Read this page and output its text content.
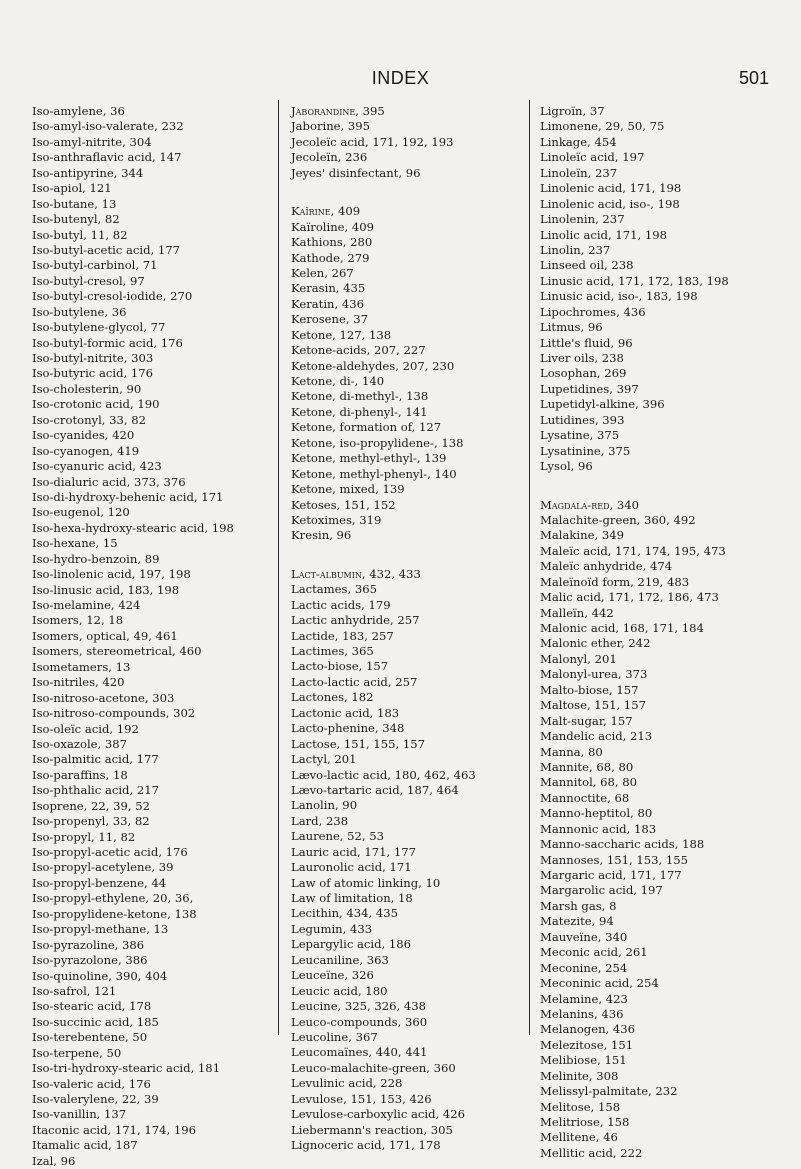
INDEX	501
Iso-amylene, 36
Iso-amyl-iso-valerate, 232
Iso-amyl-nitrite, 304
Iso-anthraflavic acid, 147
Iso-antipyrine, 344
Iso-apiol, 121
Iso-butane, 13
Iso-butenyl, 82
Iso-butyl, 11, 82
Iso-butyl-acetic acid, 177
Iso-butyl-carbinol, 71
Iso-butyl-cresol, 97
Iso-butyl-cresol-iodide, 270
Iso-butylene, 36
Iso-butylene-glycol, 77
Iso-butyl-formic acid, 176
Iso-butyl-nitrite, 303
Iso-butyric acid, 176
Iso-cholesterin, 90
Iso-crotonic acid, 190
Iso-crotonyl, 33, 82
Iso-cyanides, 420
Iso-cyanogen, 419
Iso-cyanuric acid, 423
Iso-dialuric acid, 373, 376
Iso-di-hydroxy-behenic acid, 171
Iso-eugenol, 120
Iso-hexa-hydroxy-stearic acid, 198
Iso-hexane, 15
Iso-hydro-benzoin, 89
Iso-linolenic acid, 197, 198
Iso-linusic acid, 183, 198
Iso-melamine, 424
Isomers, 12, 18
Isomers, optical, 49, 461
Isomers, stereometrical, 460
Isometamers, 13
Iso-nitriles, 420
Iso-nitroso-acetone, 303
Iso-nitroso-compounds, 302
Iso-oleïc acid, 192
Iso-oxazole, 387
Iso-palmitic acid, 177
Iso-paraffins, 18
Iso-phthalic acid, 217
Isoprene, 22, 39, 52
Iso-propenyl, 33, 82
Iso-propyl, 11, 82
Iso-propyl-acetic acid, 176
Iso-propyl-acetylene, 39
Iso-propyl-benzene, 44
Iso-propyl-ethylene, 20, 36,
Iso-propylidene-ketone, 138
Iso-propyl-methane, 13
Iso-pyrazoline, 386
Iso-pyrazolone, 386
Iso-quinoline, 390, 404
Iso-safrol, 121
Iso-stearic acid, 178
Iso-succinic acid, 185
Iso-terebentene, 50
Iso-terpene, 50
Iso-tri-hydroxy-stearic acid, 181
Iso-valeric acid, 176
Iso-valerylene, 22, 39
Iso-vanillin, 137
Itaconic acid, 171, 174, 196
Itamalic acid, 187
Izal, 96
Jaborandine, 395
Jaborine, 395
Jecoleïc acid, 171, 192, 193
Jecoleïn, 236
Jeyes' disinfectant, 96
Kaïrine, 409
Kaïroline, 409
Kathions, 280
Kathode, 279
Kelen, 267
Kerasin, 435
Keratin, 436
Kerosene, 37
Ketone, 127, 138
Ketone-acids, 207, 227
Ketone-aldehydes, 207, 230
Ketone, di-, 140
Ketone, di-methyl-, 138
Ketone, di-phenyl-, 141
Ketone, formation of, 127
Ketone, iso-propylidene-, 138
Ketone, methyl-ethyl-, 139
Ketone, methyl-phenyl-, 140
Ketone, mixed, 139
Ketoses, 151, 152
Ketoximes, 319
Kresin, 96
Lact-albumin, 432, 433
Lactames, 365
Lactic acids, 179
Lactic anhydride, 257
Lactide, 183, 257
Lactimes, 365
Lacto-biose, 157
Lacto-lactic acid, 257
Lactones, 182
Lactonic acid, 183
Lacto-phenine, 348
Lactose, 151, 155, 157
Lactyl, 201
Lævo-lactic acid, 180, 462, 463
Lævo-tartaric acid, 187, 464
Lanolin, 90
Lard, 238
Laurene, 52, 53
Lauric acid, 171, 177
Lauronolic acid, 171
Law of atomic linking, 10
Law of limitation, 18
Lecithin, 434, 435
Legumin, 433
Lepargylic acid, 186
Leucaniline, 363
Leuceïne, 326
Leucic acid, 180
Leucine, 325, 326, 438
Leuco-compounds, 360
Leucoline, 367
Leucomaïnes, 440, 441
Leuco-malachite-green, 360
Levulinic acid, 228
Levulose, 151, 153, 426
Levulose-carboxylic acid, 426
Liebermann's reaction, 305
Lignoceric acid, 171, 178
Ligroïn, 37
Limonene, 29, 50, 75
Linkage, 454
Linoleïc acid, 197
Linoleïn, 237
Linolenic acid, 171, 198
Linolenic acid, iso-, 198
Linolenin, 237
Linolic acid, 171, 198
Linolin, 237
Linseed oil, 238
Linusic acid, 171, 172, 183, 198
Linusic acid, iso-, 183, 198
Lipochromes, 436
Litmus, 96
Little's fluid, 96
Liver oils, 238
Losophan, 269
Lupetidines, 397
Lupetidyl-alkine, 396
Lutidines, 393
Lysatine, 375
Lysatinine, 375
Lysol, 96
Magdala-red, 340
Malachite-green, 360, 492
Malakine, 349
Maleïc acid, 171, 174, 195, 473
Maleïc anhydride, 474
Maleïnoïd form, 219, 483
Malic acid, 171, 172, 186, 473
Malleïn, 442
Malonic acid, 168, 171, 184
Malonic ether, 242
Malonyl, 201
Malonyl-urea, 373
Malto-biose, 157
Maltose, 151, 157
Malt-sugar, 157
Mandelic acid, 213
Manna, 80
Mannite, 68, 80
Mannitol, 68, 80
Mannoctite, 68
Manno-heptitol, 80
Mannonic acid, 183
Manno-saccharic acids, 188
Mannoses, 151, 153, 155
Margaric acid, 171, 177
Margarolic acid, 197
Marsh gas, 8
Matezite, 94
Mauveïne, 340
Meconic acid, 261
Meconine, 254
Meconinic acid, 254
Melamine, 423
Melanins, 436
Melanogen, 436
Melezitose, 151
Melibiose, 151
Melinite, 308
Melissyl-palmitate, 232
Melitose, 158
Melitriose, 158
Mellitene, 46
Mellitic acid, 222
